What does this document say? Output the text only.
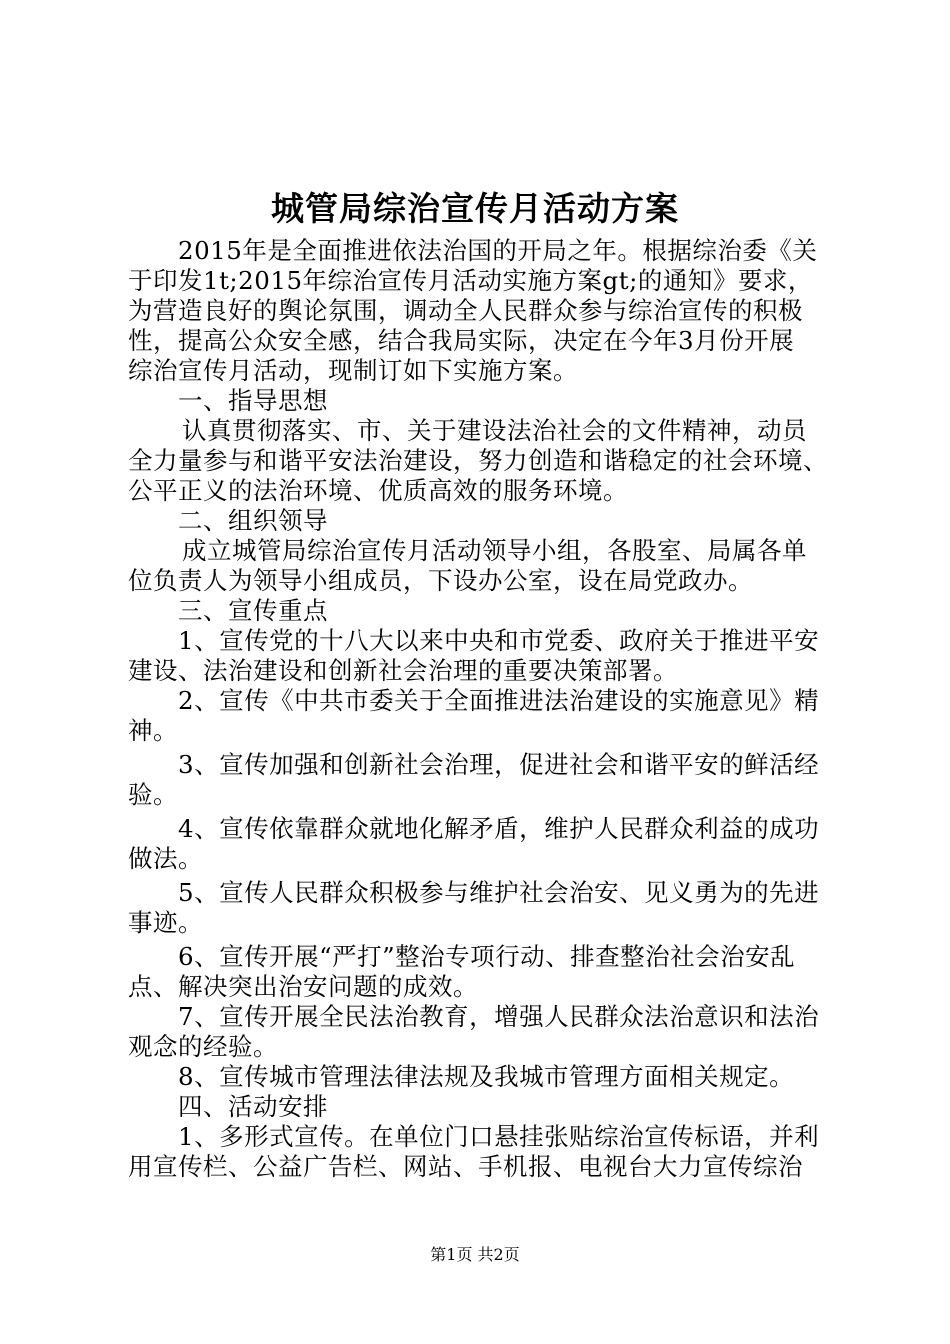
城管局综治宣传月活动方案
2015年是全面推进依法治国的开局之年。根据综治委《关
于印发1t;2015年综治宣传月活动实施方案gt;的通知》要求，
为营造良好的舆论氛围，调动全人民群众参与综治宣传的积极
性，提高公众安全感，结合我局实际，决定在今年3月份开展
综治宣传月活动，现制订如下实施方案。
一、指导思想
认真贯彻落实、市、关于建设法治社会的文件精神，动员
全力量参与和谐平安法治建设，努力创造和谐稳定的社会环境、
公平正义的法治环境、优质高效的服务环境。
二、组织领导
成立城管局综治宣传月活动领导小组，各股室、局属各单
位负责人为领导小组成员，下设办公室，设在局党政办。
三、宣传重点
1、宣传党的十八大以来中央和市党委、政府关于推进平安
建设、法治建设和创新社会治理的重要决策部署。
2、宣传《中共市委关于全面推进法治建设的实施意见》精
神。
3、宣传加强和创新社会治理，促进社会和谐平安的鲜活经
验。
4、宣传依靠群众就地化解矛盾，维护人民群众利益的成功
做法。
5、宣传人民群众积极参与维护社会治安、见义勇为的先进
事迹。
6、宣传开展“严打”整治专项行动、排查整治社会治安乱
点、解决突出治安问题的成效。
7、宣传开展全民法治教育，增强人民群众法治意识和法治
观念的经验。
8、宣传城市管理法律法规及我城市管理方面相关规定。
四、活动安排
1、多形式宣传。在单位门口悬挂张贴综治宣传标语，并利
用宣传栏、公益广告栏、网站、手机报、电视台大力宣传综治
第1页 共2页
